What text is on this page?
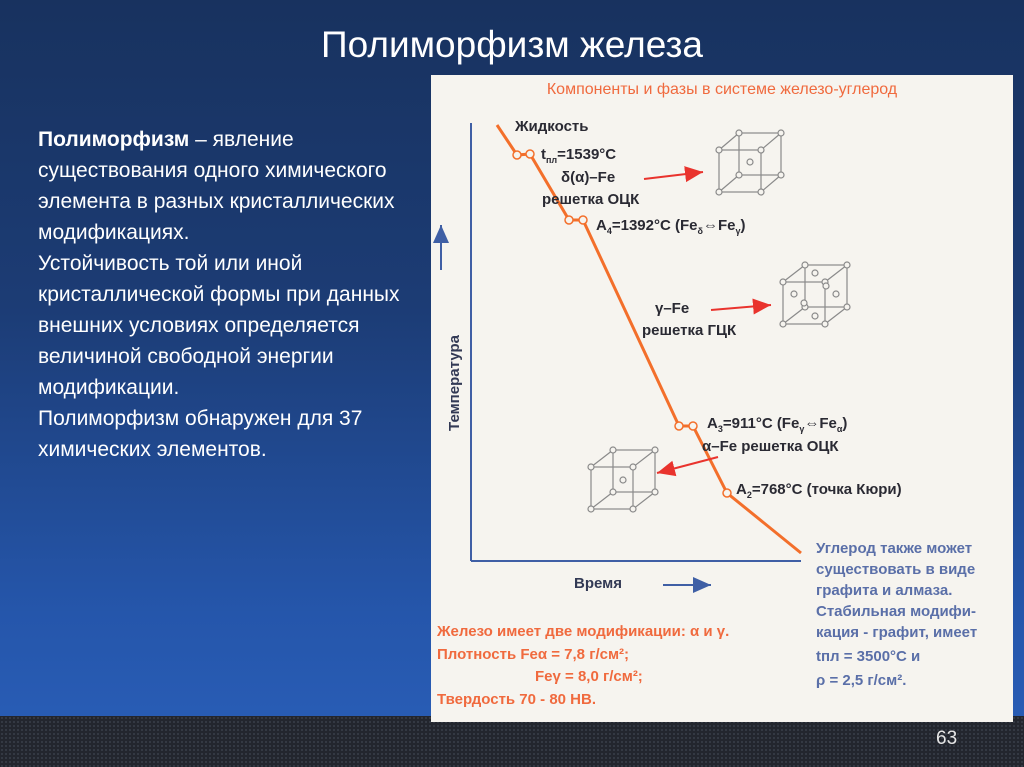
Полиморфизм железа
Полиморфизм – явление существования одного химического элемента в разных кристаллических модификациях.
Устойчивость той или иной кристаллической формы при данных внешних условиях определяется величиной свободной энергии модификации.
Полиморфизм обнаружен для 37 химических элементов.
Компоненты и фазы в системе железо-углерод
Температура
Время
Жидкость
$t_{пл}=1539^\circ C$
δ(α)–Fe
решетка ОЦК
$A_4=1392^\circ C$ $(Fe_\delta\Leftrightarrow Fe_\gamma)$
γ–Fe
решетка ГЦК
$A_3=911^\circ C$ $(Fe_\gamma\Leftrightarrow Fe_\alpha)$
α–Fe решетка ОЦК
$A_2=768^\circ C$ (точка Кюри)
Углерод также может
существовать в виде
графита и алмаза.
Стабильная модифи-
кация - графит, имеет
tпл = 3500°C и
ρ = 2,5 г/см².
Железо имеет две модификации: α и γ.
Плотность Feα = 7,8 г/см²;
Feγ = 8,0 г/см²;
Твердость 70 - 80 НВ.
63
